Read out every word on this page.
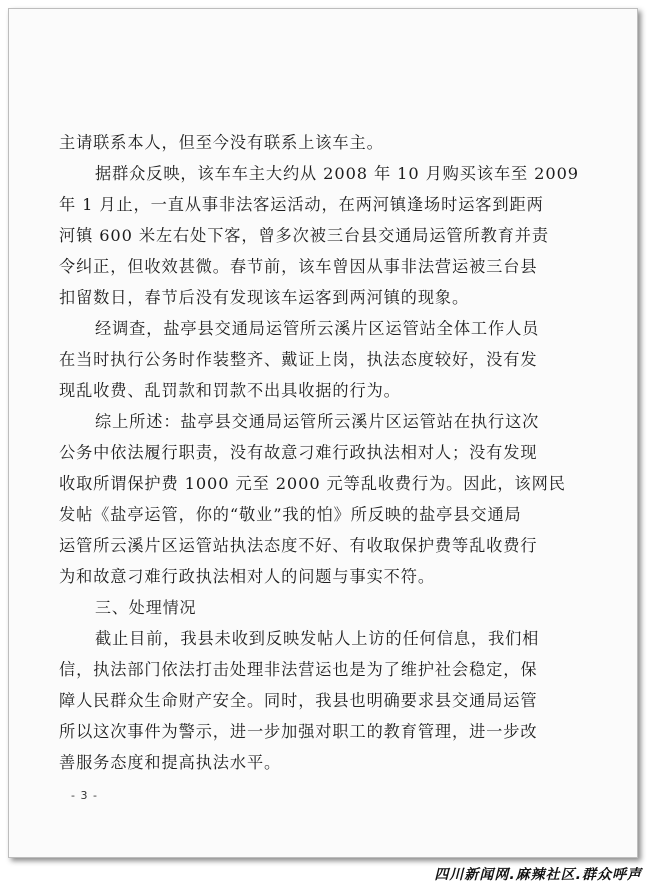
主请联系本人，但至今没有联系上该车主。
据群众反映，该车车主大约从 2008 年 10 月购买该车至 2009
年 1 月止，一直从事非法客运活动，在两河镇逢场时运客到距两
河镇 600 米左右处下客，曾多次被三台县交通局运管所教育并责
令纠正，但收效甚微。春节前，该车曾因从事非法营运被三台县
扣留数日，春节后没有发现该车运客到两河镇的现象。
经调查，盐亭县交通局运管所云溪片区运管站全体工作人员
在当时执行公务时作装整齐、戴证上岗，执法态度较好，没有发
现乱收费、乱罚款和罚款不出具收据的行为。
综上所述：盐亭县交通局运管所云溪片区运管站在执行这次
公务中依法履行职责，没有故意刁难行政执法相对人；没有发现
收取所谓保护费 1000 元至 2000 元等乱收费行为。因此，该网民
发帖《盐亭运管，你的“敬业”我的怕》所反映的盐亭县交通局
运管所云溪片区运管站执法态度不好、有收取保护费等乱收费行
为和故意刁难行政执法相对人的问题与事实不符。
三、处理情况
截止目前，我县未收到反映发帖人上访的任何信息，我们相
信，执法部门依法打击处理非法营运也是为了维护社会稳定，保
障人民群众生命财产安全。同时，我县也明确要求县交通局运管
所以这次事件为警示，进一步加强对职工的教育管理，进一步改
善服务态度和提高执法水平。
- 3 -
四川新闻网.麻辣社区.群众呼声
